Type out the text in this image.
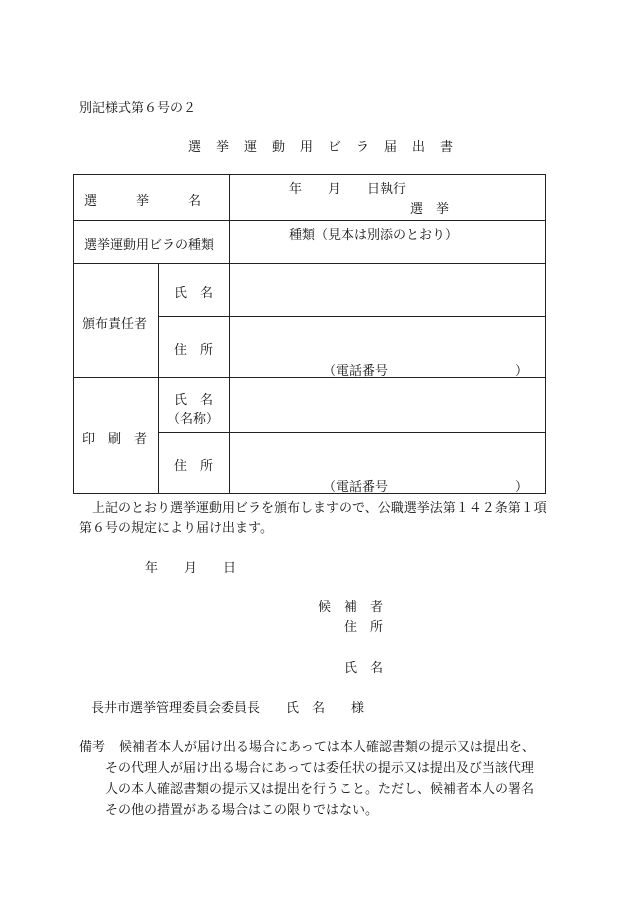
別記様式第６号の２
選挙運動用ビラ届出書
選　　　挙　　　名		年　　月　　日執行
選　挙

選挙運動用ビラの種類		種類（見本は別添のとおり）

頒布責任者	氏　名	

	住　所	（電話番号 ）

印　刷　者	氏　名
（名称）	

	住　所	（電話番号 ）
上記のとおり選挙運動用ビラを頒布しますので、公職選挙法第１４２条第１項
第６号の規定により届け出ます。
年　　月　　日
候　補　者
住　所
氏　名
長井市選挙管理委員会委員長　　氏　名　　様
備考 候補者本人が届け出る場合にあっては本人確認書類の提示又は提出を、
その代理人が届け出る場合にあっては委任状の提示又は提出及び当該代理
人の本人確認書類の提示又は提出を行うこと。ただし、候補者本人の署名
その他の措置がある場合はこの限りではない。
